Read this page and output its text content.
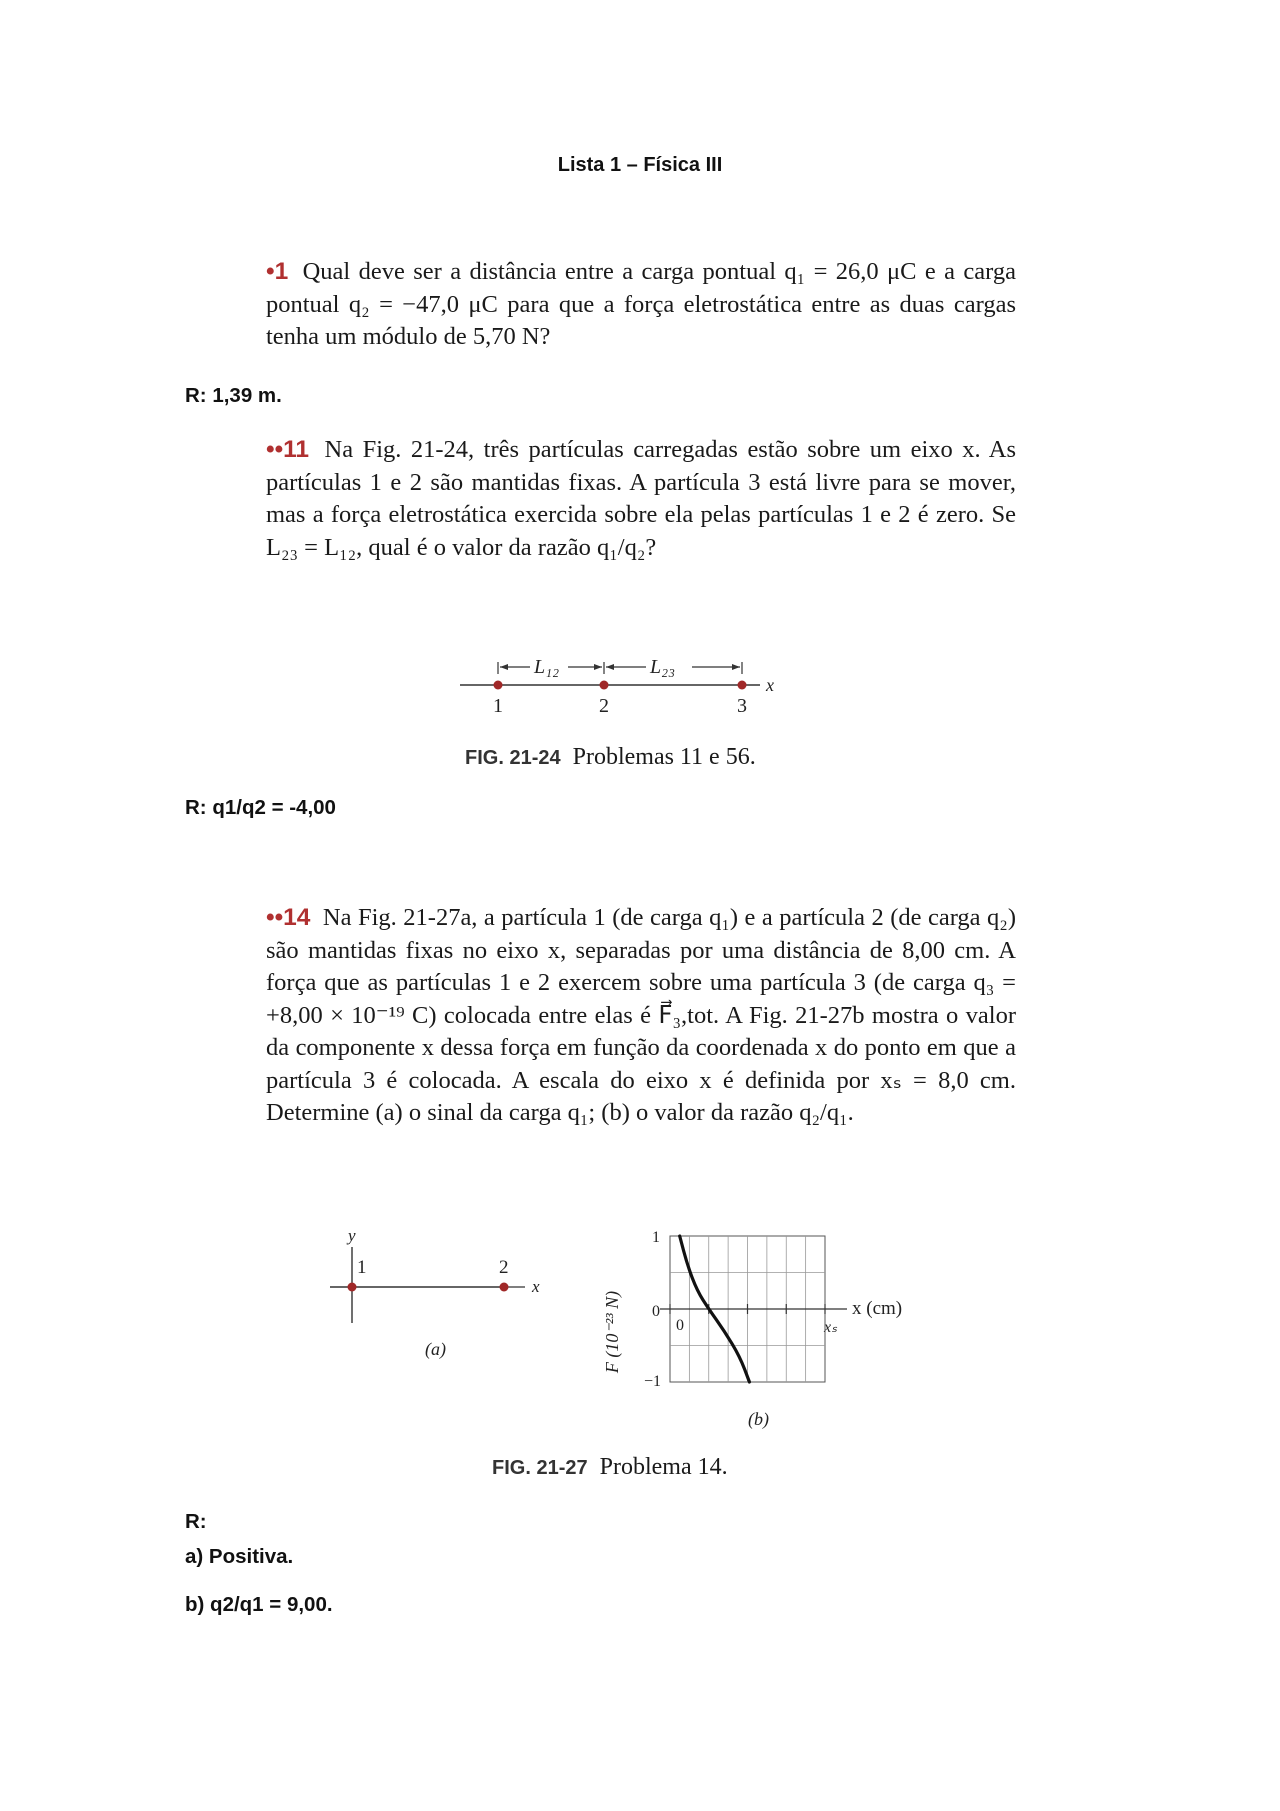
Lista 1 – Física III
•1 Qual deve ser a distância entre a carga pontual q₁ = 26,0 μC e a carga pontual q₂ = −47,0 μC para que a força eletrostática entre as duas cargas tenha um módulo de 5,70 N?
R: 1,39 m.
••11 Na Fig. 21-24, três partículas carregadas estão sobre um eixo x. As partículas 1 e 2 são mantidas fixas. A partícula 3 está livre para se mover, mas a força eletrostática exercida sobre ela pelas partículas 1 e 2 é zero. Se L₂₃ = L₁₂, qual é o valor da razão q₁/q₂?
L₁₂	L₂₃
x
1	2	3
FIG. 21-24 Problemas 11 e 56.
R: q1/q2 = -4,00
••14 Na Fig. 21-27a, a partícula 1 (de carga q₁) e a partícula 2 (de carga q₂) são mantidas fixas no eixo x, separadas por uma distância de 8,00 cm. A força que as partículas 1 e 2 exercem sobre uma partícula 3 (de carga q₃ = +8,00 × 10⁻¹⁹ C) colocada entre elas é F⃗₃,tot. A Fig. 21-27b mostra o valor da componente x dessa força em função da coordenada x do ponto em que a partícula 3 é colocada. A escala do eixo x é definida por xₛ = 8,0 cm. Determine (a) o sinal da carga q₁; (b) o valor da razão q₂/q₁.
y
x
1	2
(a)	F (10⁻²³ N)
1
0
−1
0	xₛ
x (cm)
(b)
FIG. 21-27 Problema 14.
R:
a) Positiva.
b) q2/q1 = 9,00.
